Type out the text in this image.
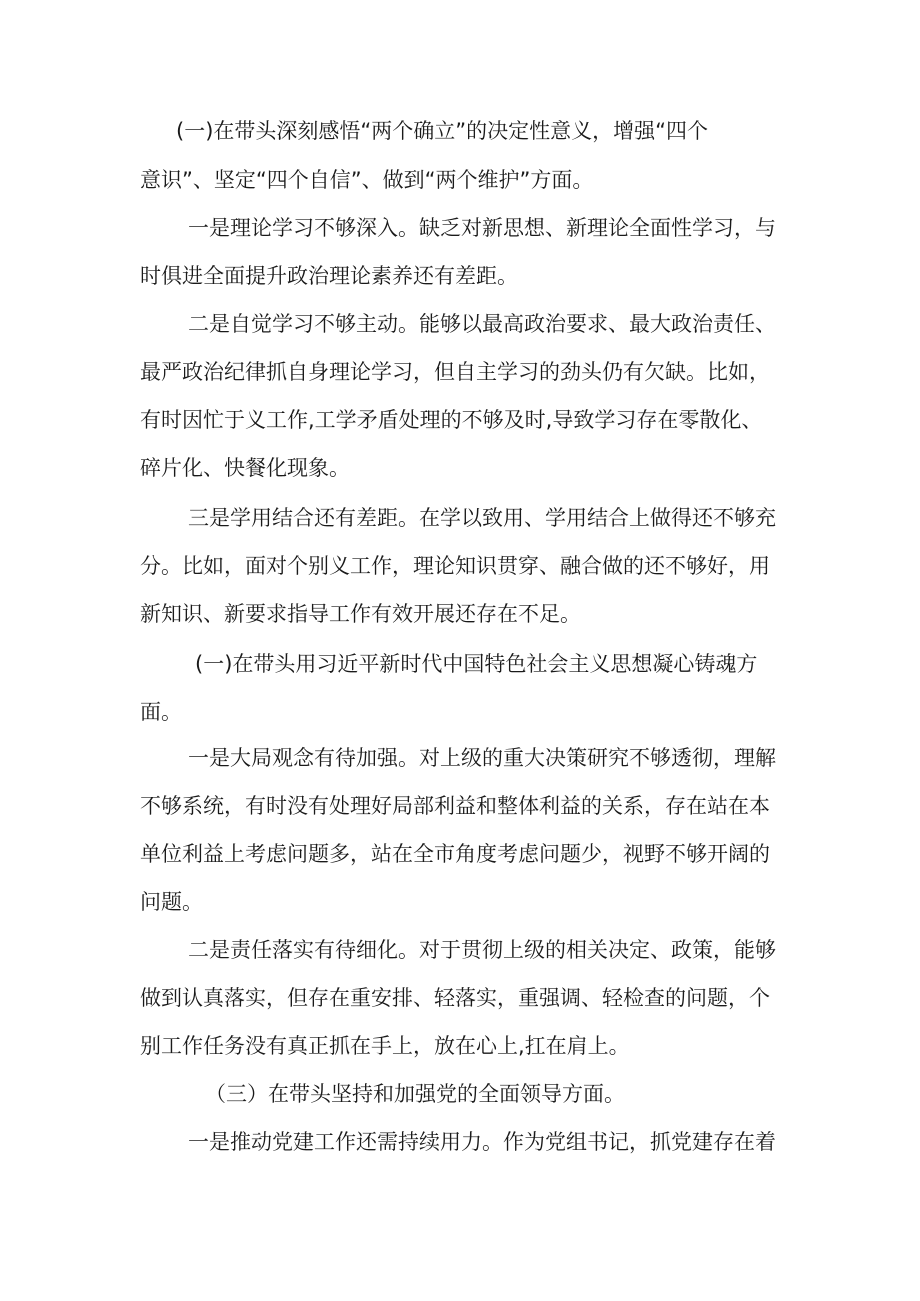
(一)在带头深刻感悟“两个确立”的决定性意义，增强“四个
意识”、坚定“四个自信”、做到“两个维护”方面。
一是理论学习不够深入。缺乏对新思想、新理论全面性学习，与
时俱进全面提升政治理论素养还有差距。
二是自觉学习不够主动。能够以最高政治要求、最大政治责任、
最严政治纪律抓自身理论学习，但自主学习的劲头仍有欠缺。比如，
有时因忙于义工作,工学矛盾处理的不够及时,导致学习存在零散化、
碎片化、快餐化现象。
三是学用结合还有差距。在学以致用、学用结合上做得还不够充
分。比如，面对个别义工作，理论知识贯穿、融合做的还不够好，用
新知识、新要求指导工作有效开展还存在不足。
(一)在带头用习近平新时代中国特色社会主义思想凝心铸魂方
面。
一是大局观念有待加强。对上级的重大决策研究不够透彻，理解
不够系统，有时没有处理好局部利益和整体利益的关系，存在站在本
单位利益上考虑问题多，站在全市角度考虑问题少，视野不够开阔的
问题。
二是责任落实有待细化。对于贯彻上级的相关决定、政策，能够
做到认真落实，但存在重安排、轻落实，重强调、轻检查的问题，个
别工作任务没有真正抓在手上，放在心上,扛在肩上。
（三）在带头坚持和加强党的全面领导方面。
一是推动党建工作还需持续用力。作为党组书记，抓党建存在着
